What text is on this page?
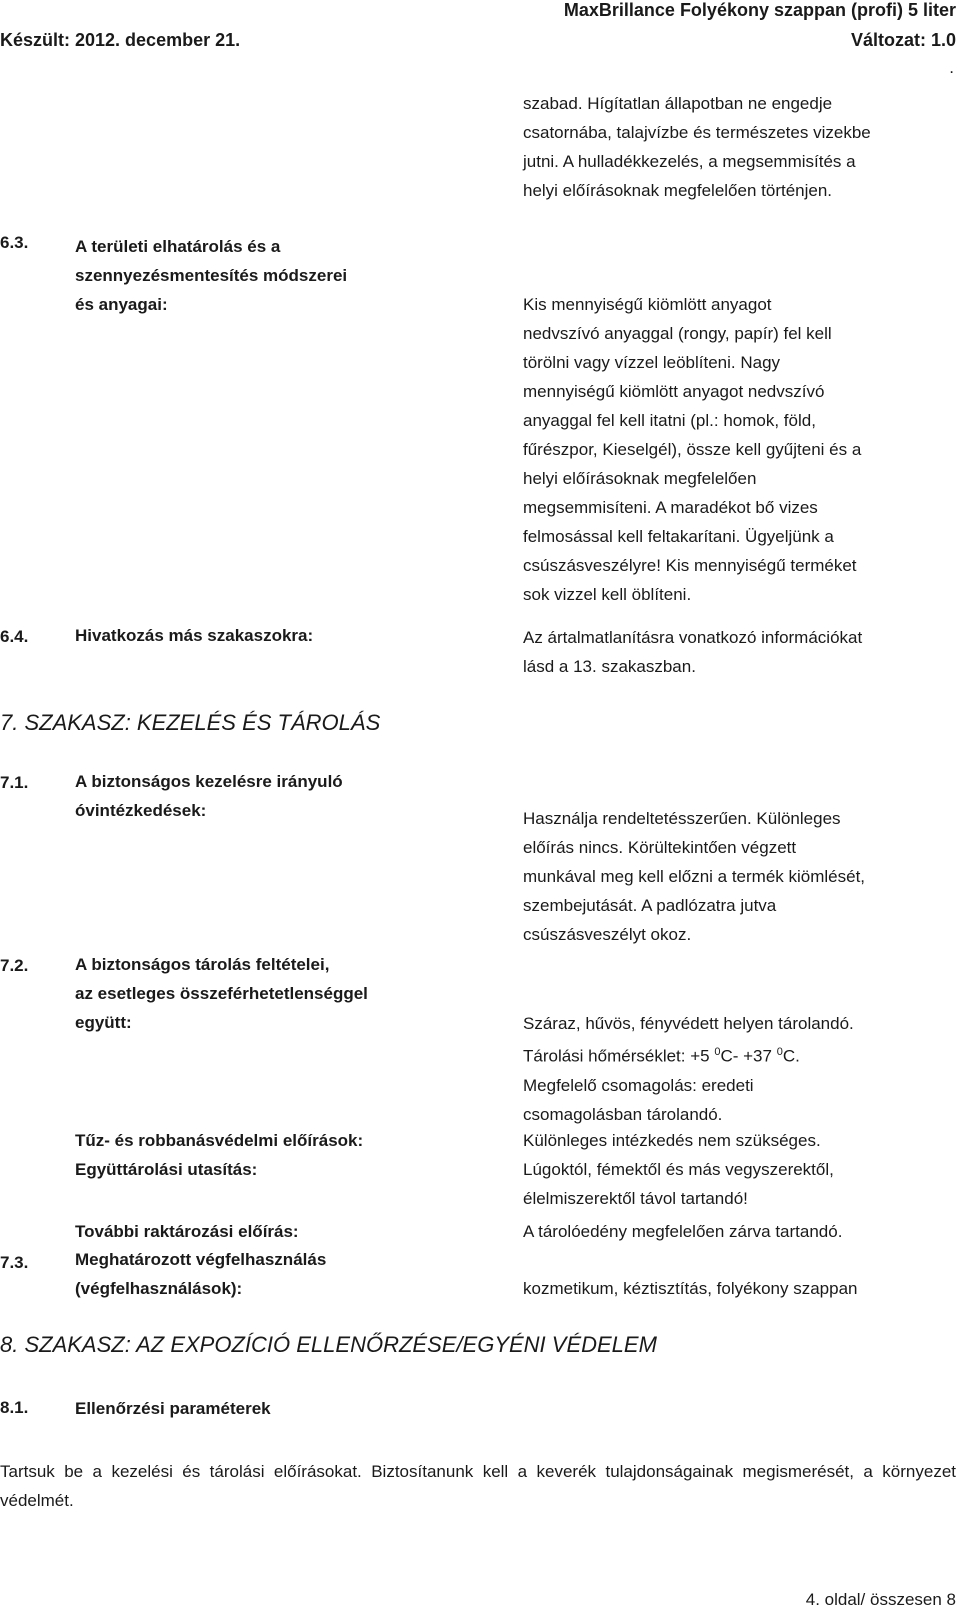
MaxBrillance Folyékony szappan (profi) 5 liter
Készült: 2012. december 21.	Változat: 1.0
.
szabad. Hígítatlan állapotban ne engedje
csatornába, talajvízbe és természetes vizekbe
jutni. A hulladékkezelés, a megsemmisítés a
helyi előírásoknak megfelelően történjen.
6.3.	A területi elhatárolás és a
szennyezésmentesítés módszerei
és anyagai:	Kis mennyiségű kiömlött anyagot
nedvszívó anyaggal (rongy, papír) fel kell
törölni vagy vízzel leöblíteni. Nagy
mennyiségű kiömlött anyagot nedvszívó
anyaggal fel kell itatni (pl.: homok, föld,
fűrészpor, Kieselgél), össze kell gyűjteni és a
helyi előírásoknak megfelelően
megsemmisíteni. A maradékot bő vizes
felmosással kell feltakarítani. Ügyeljünk a
csúszásveszélyre! Kis mennyiségű terméket
sok vizzel kell öblíteni.
6.4.	Hivatkozás más szakaszokra:	Az ártalmatlanításra vonatkozó információkat
lásd a 13. szakaszban.
7. SZAKASZ: KEZELÉS ÉS TÁROLÁS
7.1.	A biztonságos kezelésre irányuló
óvintézkedések:	Használja rendeltetésszerűen. Különleges
előírás nincs. Körültekintően végzett
munkával meg kell előzni a termék kiömlését,
szembejutását. A padlózatra jutva
csúszásveszélyt okoz.
7.2.	A biztonságos tárolás feltételei,
az esetleges összeférhetetlenséggel
együtt:	Száraz, hűvös, fényvédett helyen tárolandó.
Tárolási hőmérséklet: +5 $^0$C- +37 $^0$C.
Megfelelő csomagolás: eredeti
csomagolásban tárolandó.
Tűz- és robbanásvédelmi előírások:	Különleges intézkedés nem szükséges.
Együttárolási utasítás:	Lúgoktól, fémektől és más vegyszerektől,
élelmiszerektől távol tartandó!
További raktározási előírás:	A tárolóedény megfelelően zárva tartandó.
7.3.	Meghatározott végfelhasználás
(végfelhasználások):	kozmetikum, kéztisztítás, folyékony szappan
8. SZAKASZ: AZ EXPOZÍCIÓ ELLENŐRZÉSE/EGYÉNI VÉDELEM
8.1.	Ellenőrzési paraméterek
Tartsuk be a kezelési és tárolási előírásokat. Biztosítanunk kell a keverék tulajdonságainak megismerését, a környezet védelmét.
4. oldal/ összesen 8
